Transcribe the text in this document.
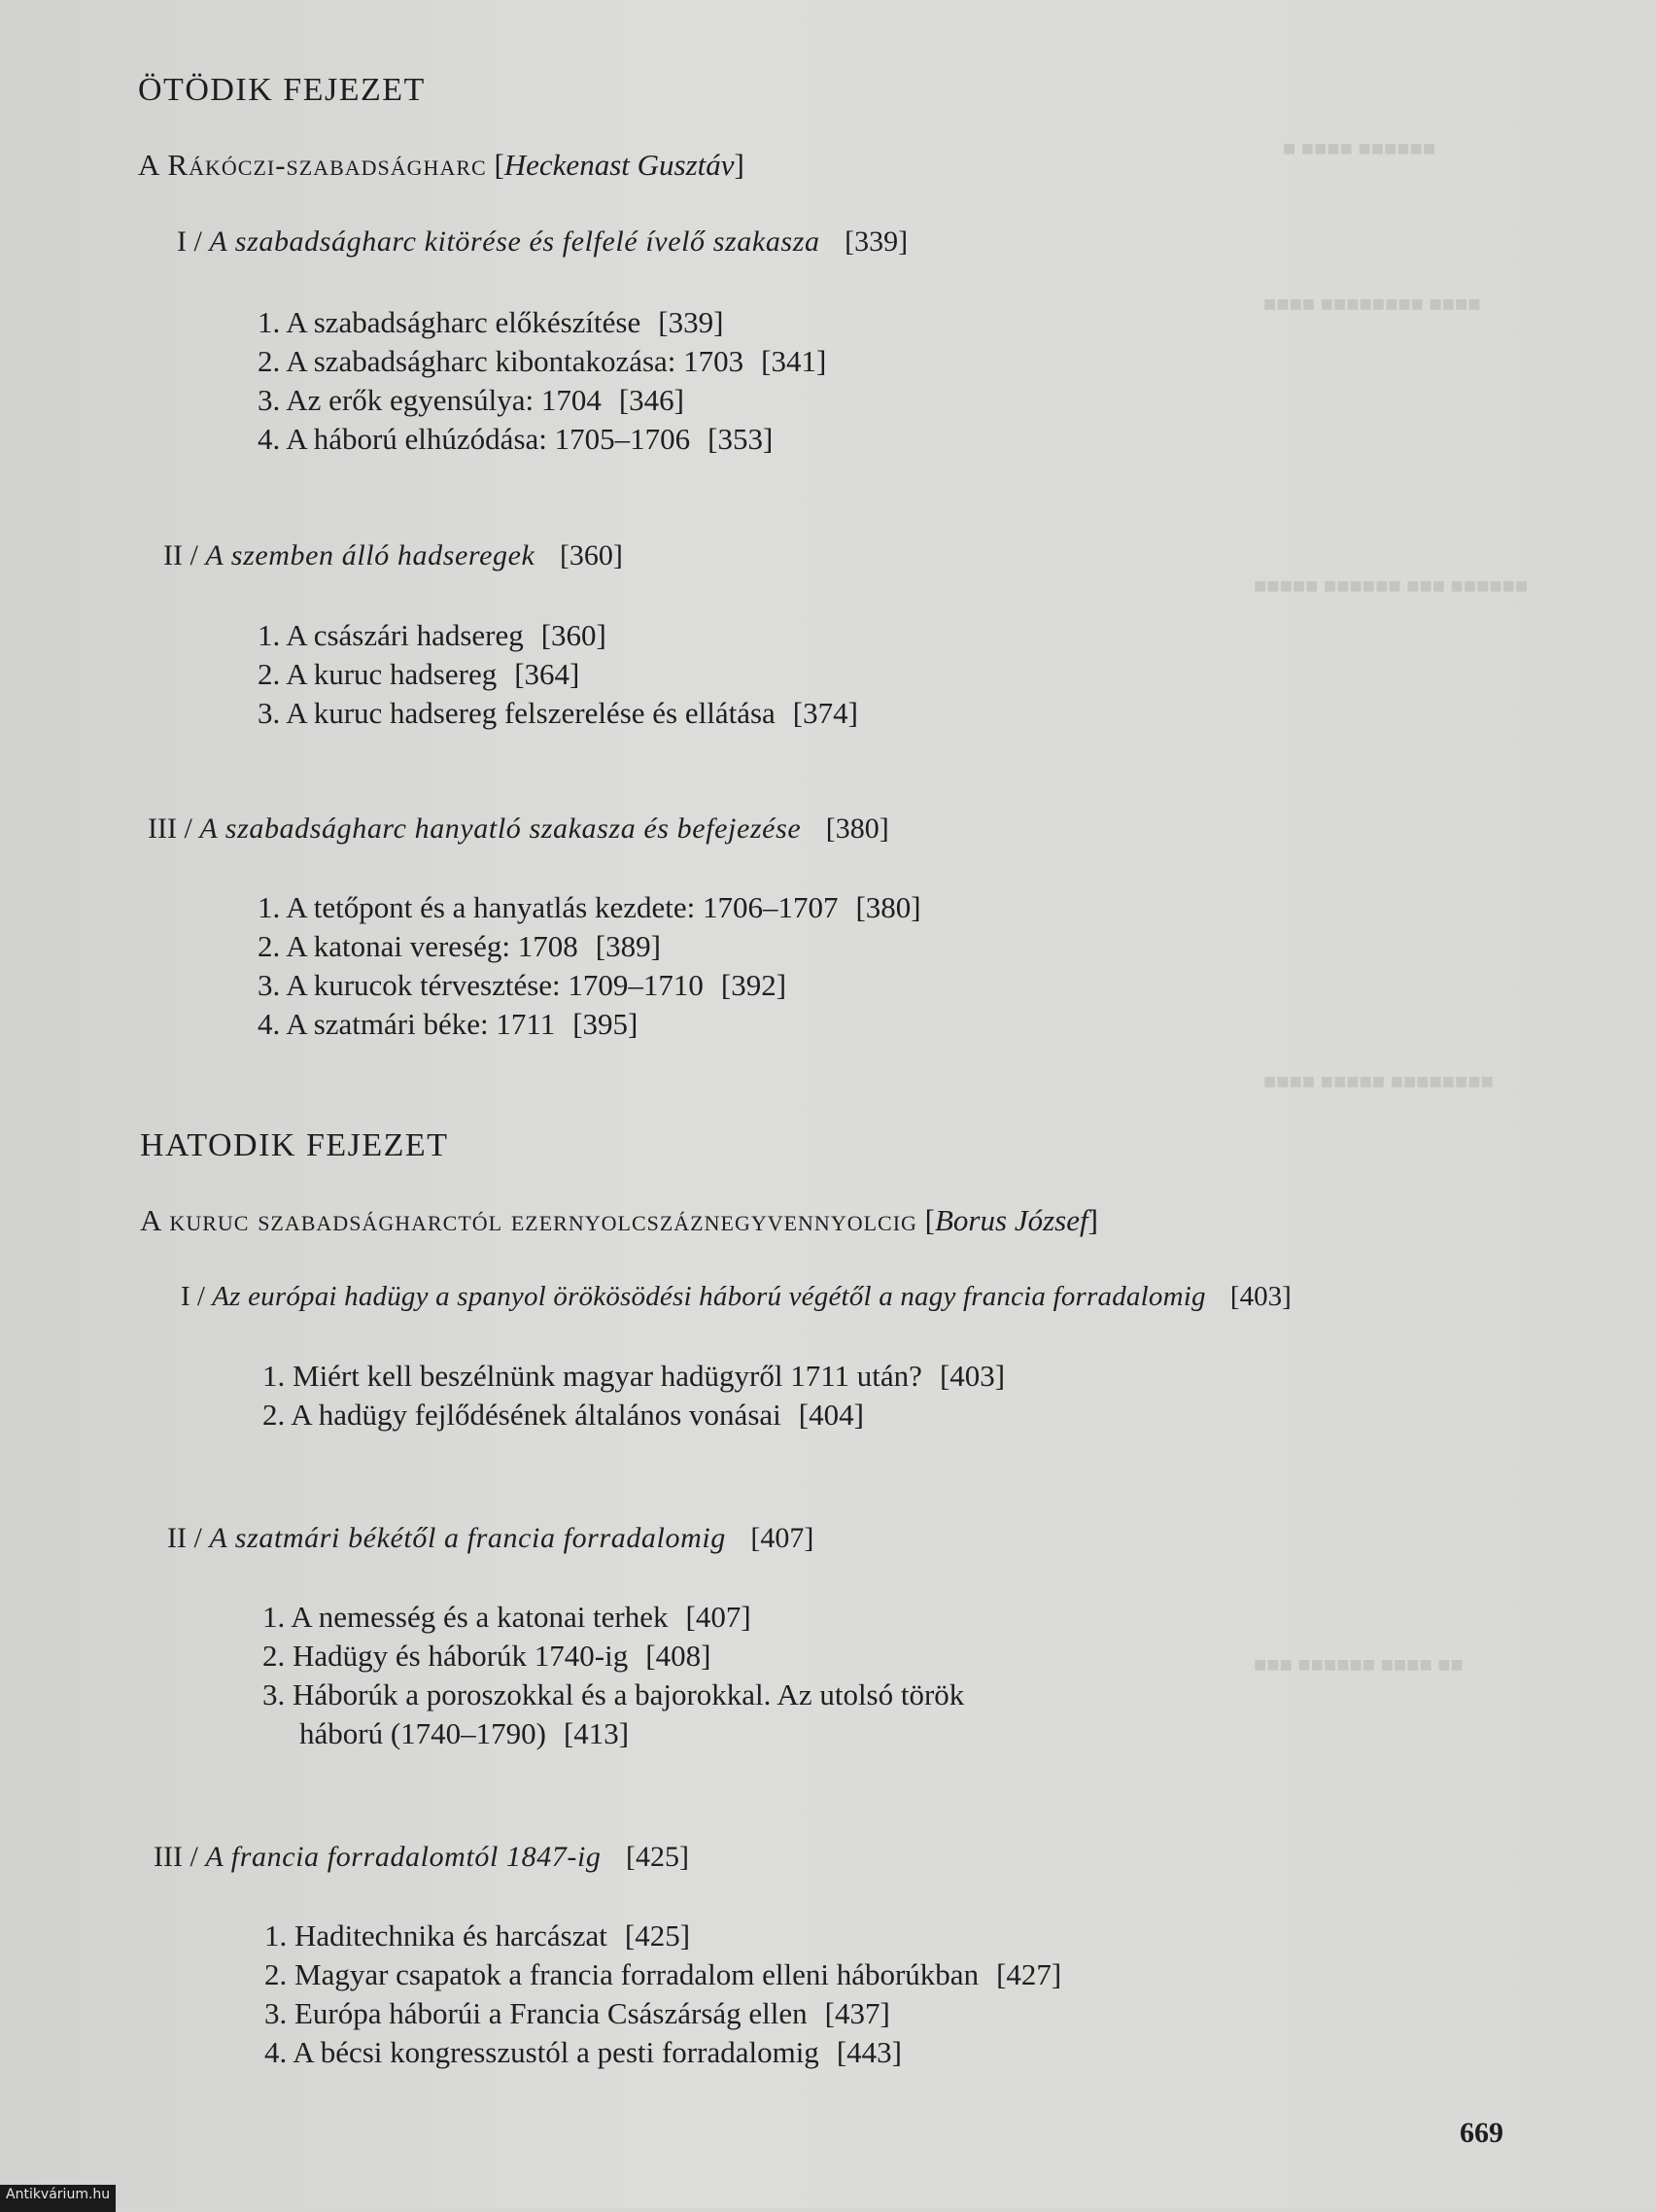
■ ■■■■ ■■■■■■
■■■■ ■■■■■■■■ ■■■■
■■■■■ ■■■■■■ ■■■ ■■■■■■
■■■■ ■■■■■ ■■■■■■■■
■■■ ■■■■■■ ■■■■ ■■
ÖTÖDIK FEJEZET
A Rákóczi-szabadságharc [Heckenast Gusztáv]
I / A szabadságharc kitörése és felfelé ívelő szakasza [339]
1. A szabadságharc előkészítése [339]
2. A szabadságharc kibontakozása: 1703 [341]
3. Az erők egyensúlya: 1704 [346]
4. A háború elhúzódása: 1705–1706 [353]
II / A szemben álló hadseregek [360]
1. A császári hadsereg [360]
2. A kuruc hadsereg [364]
3. A kuruc hadsereg felszerelése és ellátása [374]
III / A szabadságharc hanyatló szakasza és befejezése [380]
1. A tetőpont és a hanyatlás kezdete: 1706–1707 [380]
2. A katonai vereség: 1708 [389]
3. A kurucok térvesztése: 1709–1710 [392]
4. A szatmári béke: 1711 [395]
HATODIK FEJEZET
A kuruc szabadságharctól ezernyolcszáznegyvennyolcig [Borus József]
I / Az európai hadügy a spanyol örökösödési háború végétől a nagy francia forradalomig [403]
1. Miért kell beszélnünk magyar hadügyről 1711 után? [403]
2. A hadügy fejlődésének általános vonásai [404]
II / A szatmári békétől a francia forradalomig [407]
1. A nemesség és a katonai terhek [407]
2. Hadügy és háborúk 1740-ig [408]
3. Háborúk a poroszokkal és a bajorokkal. Az utolsó török
háború (1740–1790) [413]
III / A francia forradalomtól 1847-ig [425]
1. Haditechnika és harcászat [425]
2. Magyar csapatok a francia forradalom elleni háborúkban [427]
3. Európa háborúi a Francia Császárság ellen [437]
4. A bécsi kongresszustól a pesti forradalomig [443]
669
Antikvárium.hu
